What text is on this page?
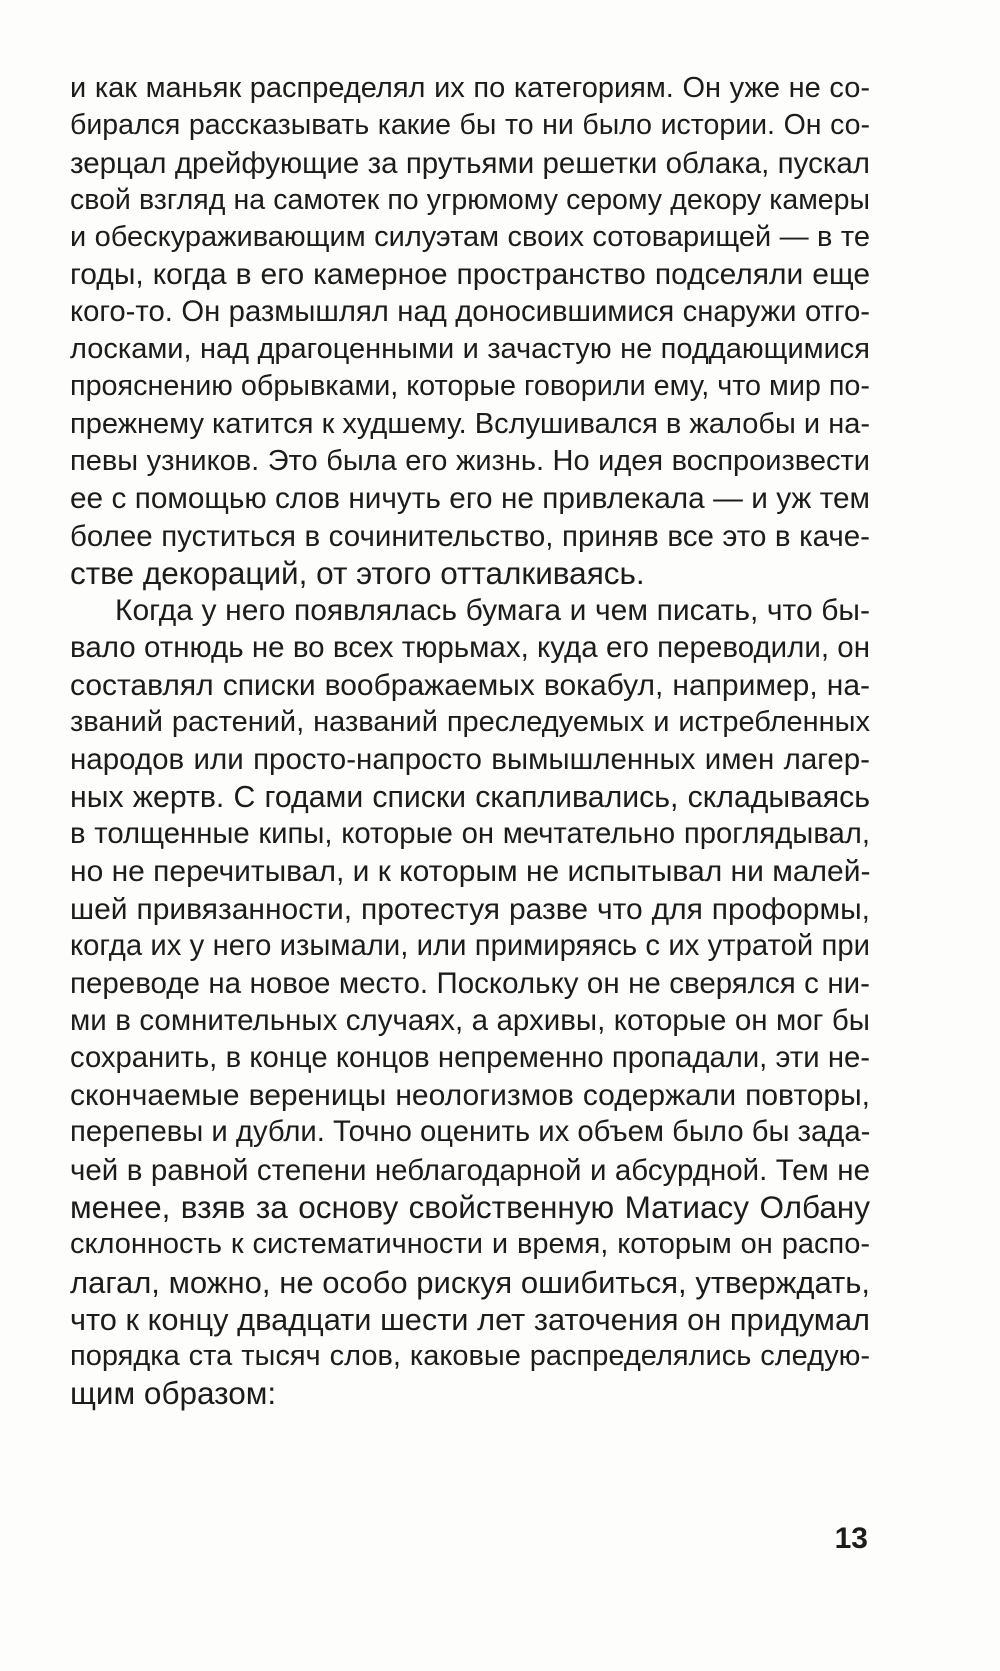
и как маньяк распределял их по категориям. Он уже не со-
бирался рассказывать какие бы то ни было истории. Он со-
зерцал дрейфующие за прутьями решетки облака, пускал
свой взгляд на самотек по угрюмому серому декору камеры
и обескураживающим силуэтам своих сотоварищей — в те
годы, когда в его камерное пространство подселяли еще
кого-то. Он размышлял над доносившимися снаружи отго-
лосками, над драгоценными и зачастую не поддающимися
прояснению обрывками, которые говорили ему, что мир по-
прежнему катится к худшему. Вслушивался в жалобы и на-
певы узников. Это была его жизнь. Но идея воспроизвести
ее с помощью слов ничуть его не привлекала — и уж тем
более пуститься в сочинительство, приняв все это в каче-
стве декораций, от этого отталкиваясь.
Когда у него появлялась бумага и чем писать, что бы-
вало отнюдь не во всех тюрьмах, куда его переводили, он
составлял списки воображаемых вокабул, например, на-
званий растений, названий преследуемых и истребленных
народов или просто-напросто вымышленных имен лагер-
ных жертв. С годами списки скапливались, складываясь
в толщенные кипы, которые он мечтательно проглядывал,
но не перечитывал, и к которым не испытывал ни малей-
шей привязанности, протестуя разве что для проформы,
когда их у него изымали, или примиряясь с их утратой при
переводе на новое место. Поскольку он не сверялся с ни-
ми в сомнительных случаях, а архивы, которые он мог бы
сохранить, в конце концов непременно пропадали, эти не-
скончаемые вереницы неологизмов содержали повторы,
перепевы и дубли. Точно оценить их объем было бы зада-
чей в равной степени неблагодарной и абсурдной. Тем не
менее, взяв за основу свойственную Матиасу Олбану
склонность к систематичности и время, которым он распо-
лагал, можно, не особо рискуя ошибиться, утверждать,
что к концу двадцати шести лет заточения он придумал
порядка ста тысяч слов, каковые распределялись следую-
щим образом:
13
